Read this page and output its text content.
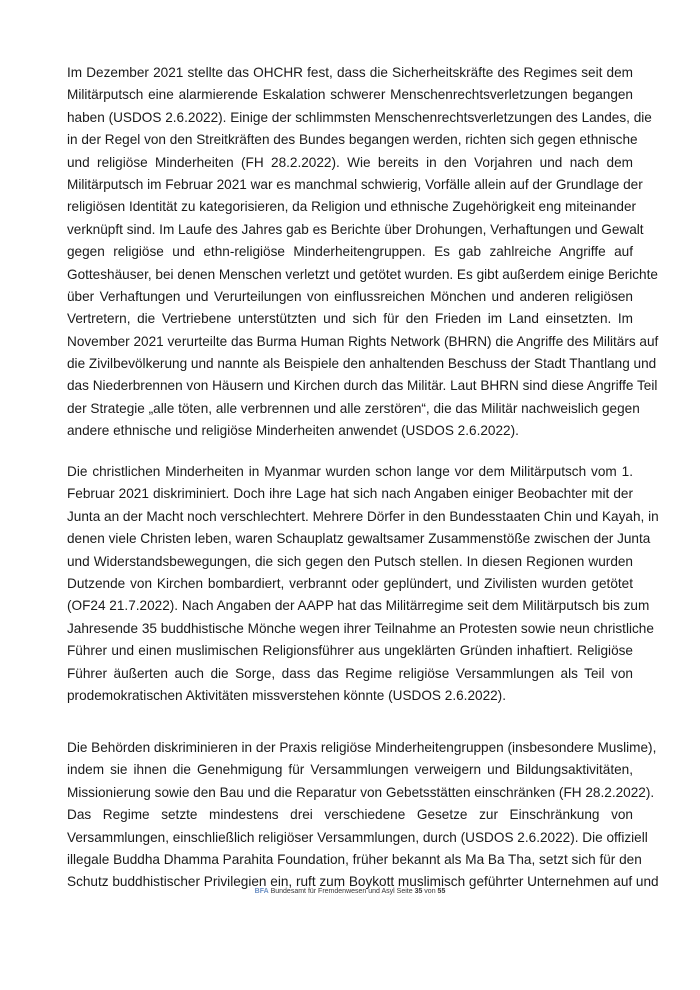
Im Dezember 2021 stellte das OHCHR fest, dass die Sicherheitskräfte des Regimes seit dem
Militärputsch eine alarmierende Eskalation schwerer Menschenrechtsverletzungen begangen
haben (USDOS 2.6.2022). Einige der schlimmsten Menschenrechtsverletzungen des Landes, die
in der Regel von den Streitkräften des Bundes begangen werden, richten sich gegen ethnische
und religiöse Minderheiten (FH 28.2.2022). Wie bereits in den Vorjahren und nach dem
Militärputsch im Februar 2021 war es manchmal schwierig, Vorfälle allein auf der Grundlage der
religiösen Identität zu kategorisieren, da Religion und ethnische Zugehörigkeit eng miteinander
verknüpft sind. Im Laufe des Jahres gab es Berichte über Drohungen, Verhaftungen und Gewalt
gegen religiöse und ethn-religiöse Minderheitengruppen. Es gab zahlreiche Angriffe auf
Gotteshäuser, bei denen Menschen verletzt und getötet wurden. Es gibt außerdem einige Berichte
über Verhaftungen und Verurteilungen von einflussreichen Mönchen und anderen religiösen
Vertretern, die Vertriebene unterstützten und sich für den Frieden im Land einsetzten. Im
November 2021 verurteilte das Burma Human Rights Network (BHRN) die Angriffe des Militärs auf
die Zivilbevölkerung und nannte als Beispiele den anhaltenden Beschuss der Stadt Thantlang und
das Niederbrennen von Häusern und Kirchen durch das Militär. Laut BHRN sind diese Angriffe Teil
der Strategie „alle töten, alle verbrennen und alle zerstören“, die das Militär nachweislich gegen
andere ethnische und religiöse Minderheiten anwendet (USDOS 2.6.2022).
Die christlichen Minderheiten in Myanmar wurden schon lange vor dem Militärputsch vom 1.
Februar 2021 diskriminiert. Doch ihre Lage hat sich nach Angaben einiger Beobachter mit der
Junta an der Macht noch verschlechtert. Mehrere Dörfer in den Bundesstaaten Chin und Kayah, in
denen viele Christen leben, waren Schauplatz gewaltsamer Zusammenstöße zwischen der Junta
und Widerstandsbewegungen, die sich gegen den Putsch stellen. In diesen Regionen wurden
Dutzende von Kirchen bombardiert, verbrannt oder geplündert, und Zivilisten wurden getötet
(OF24 21.7.2022). Nach Angaben der AAPP hat das Militärregime seit dem Militärputsch bis zum
Jahresende 35 buddhistische Mönche wegen ihrer Teilnahme an Protesten sowie neun christliche
Führer und einen muslimischen Religionsführer aus ungeklärten Gründen inhaftiert. Religiöse
Führer äußerten auch die Sorge, dass das Regime religiöse Versammlungen als Teil von
prodemokratischen Aktivitäten missverstehen könnte (USDOS 2.6.2022).
Die Behörden diskriminieren in der Praxis religiöse Minderheitengruppen (insbesondere Muslime),
indem sie ihnen die Genehmigung für Versammlungen verweigern und Bildungsaktivitäten,
Missionierung sowie den Bau und die Reparatur von Gebetsstätten einschränken (FH 28.2.2022).
Das Regime setzte mindestens drei verschiedene Gesetze zur Einschränkung von
Versammlungen, einschließlich religiöser Versammlungen, durch (USDOS 2.6.2022). Die offiziell
illegale Buddha Dhamma Parahita Foundation, früher bekannt als Ma Ba Tha, setzt sich für den
Schutz buddhistischer Privilegien ein, ruft zum Boykott muslimisch geführter Unternehmen auf und
BFA Bundesamt für Fremdenwesen und Asyl Seite 35 von 55
